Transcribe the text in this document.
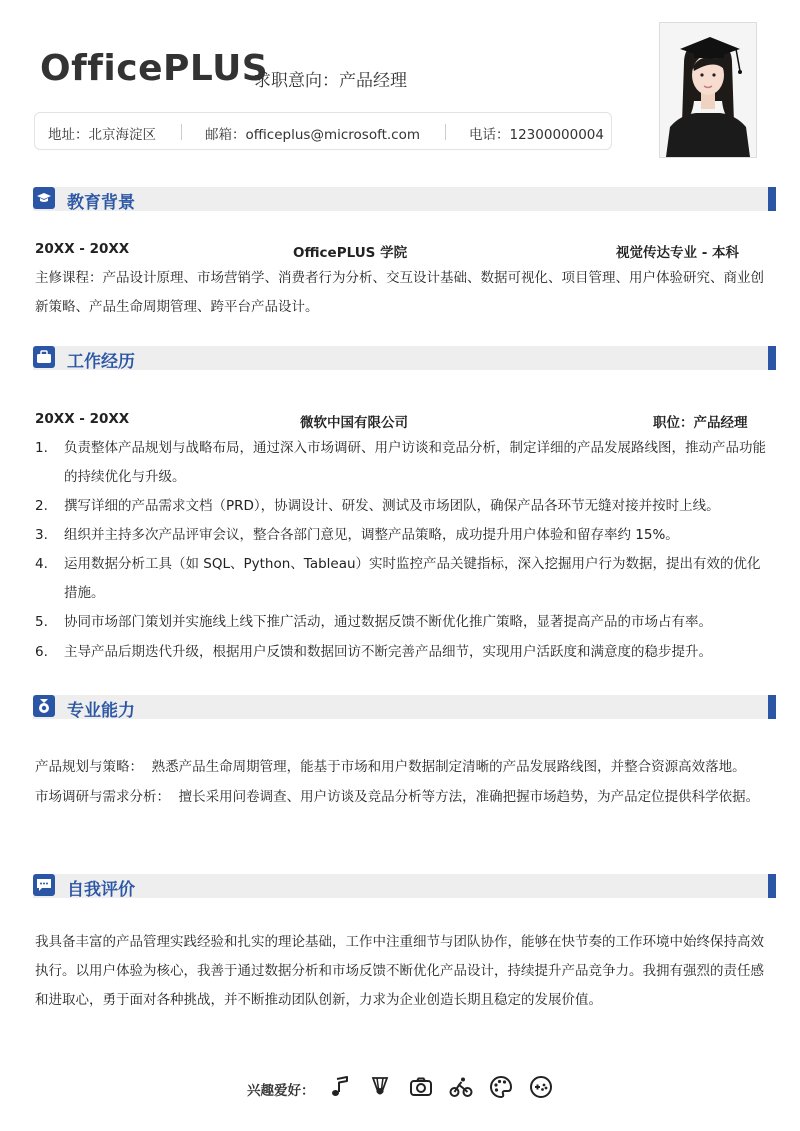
OfficePLUS
求职意向：产品经理
地址：北京海淀区	邮箱：officeplus@microsoft.com	电话：12300000004
教育背景
20XX - 20XX	OfficePLUS 学院	视觉传达专业 - 本科
主修课程：产品设计原理、市场营销学、消费者行为分析、交互设计基础、数据可视化、项目管理、用户体验研究、商业创新策略、产品生命周期管理、跨平台产品设计。
工作经历
20XX - 20XX	微软中国有限公司	职位：产品经理
1. 负责整体产品规划与战略布局，通过深入市场调研、用户访谈和竞品分析，制定详细的产品发展路线图，推动产品功能的持续优化与升级。
2. 撰写详细的产品需求文档（PRD），协调设计、研发、测试及市场团队，确保产品各环节无缝对接并按时上线。
3. 组织并主持多次产品评审会议，整合各部门意见，调整产品策略，成功提升用户体验和留存率约 15%。
4. 运用数据分析工具（如 SQL、Python、Tableau）实时监控产品关键指标，深入挖掘用户行为数据，提出有效的优化措施。
5. 协同市场部门策划并实施线上线下推广活动，通过数据反馈不断优化推广策略，显著提高产品的市场占有率。
6. 主导产品后期迭代升级，根据用户反馈和数据回访不断完善产品细节，实现用户活跃度和满意度的稳步提升。
专业能力
产品规划与策略：  熟悉产品生命周期管理，能基于市场和用户数据制定清晰的产品发展路线图，并整合资源高效落地。
市场调研与需求分析：  擅长采用问卷调查、用户访谈及竞品分析等方法，准确把握市场趋势，为产品定位提供科学依据。
自我评价
我具备丰富的产品管理实践经验和扎实的理论基础，工作中注重细节与团队协作，能够在快节奏的工作环境中始终保持高效执行。以用户体验为核心，我善于通过数据分析和市场反馈不断优化产品设计，持续提升产品竞争力。我拥有强烈的责任感和进取心，勇于面对各种挑战，并不断推动团队创新，力求为企业创造长期且稳定的发展价值。
兴趣爱好：
